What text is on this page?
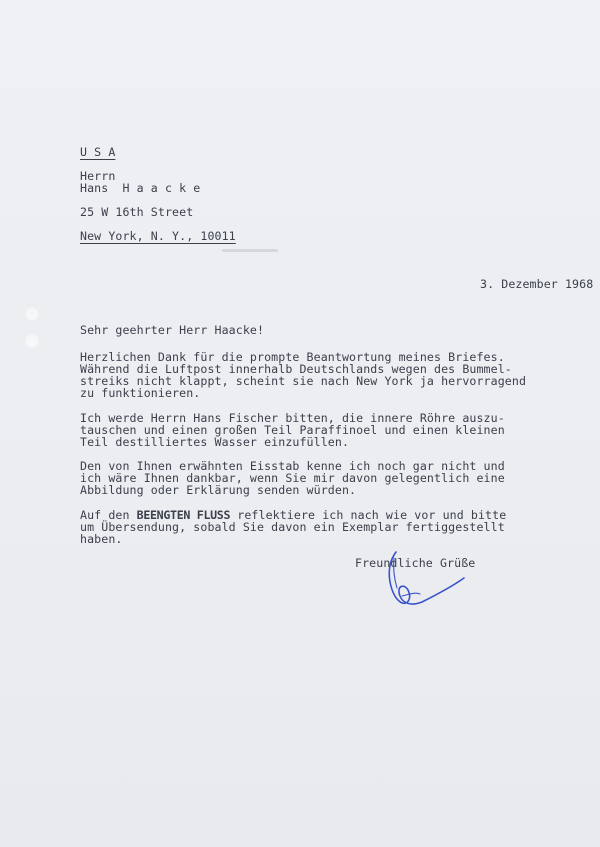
U S A
Herrn
Hans  H a a c k e
25 W 16th Street
New York, N. Y., 10011
3. Dezember 1968
Sehr geehrter Herr Haacke!
Herzlichen Dank für die prompte Beantwortung meines Briefes.
Während die Luftpost innerhalb Deutschlands wegen des Bummel-
streiks nicht klappt, scheint sie nach New York ja hervorragend
zu funktionieren.
Ich werde Herrn Hans Fischer bitten, die innere Röhre auszu-
tauschen und einen großen Teil Paraffinoel und einen kleinen
Teil destilliertes Wasser einzufüllen.
Den von Ihnen erwähnten Eisstab kenne ich noch gar nicht und
ich wäre Ihnen dankbar, wenn Sie mir davon gelegentlich eine
Abbildung oder Erklärung senden würden.
Auf den BEENGTEN FLUSS reflektiere ich nach wie vor und bitte
um Übersendung, sobald Sie davon ein Exemplar fertiggestellt
haben.
Freundliche Grüße
